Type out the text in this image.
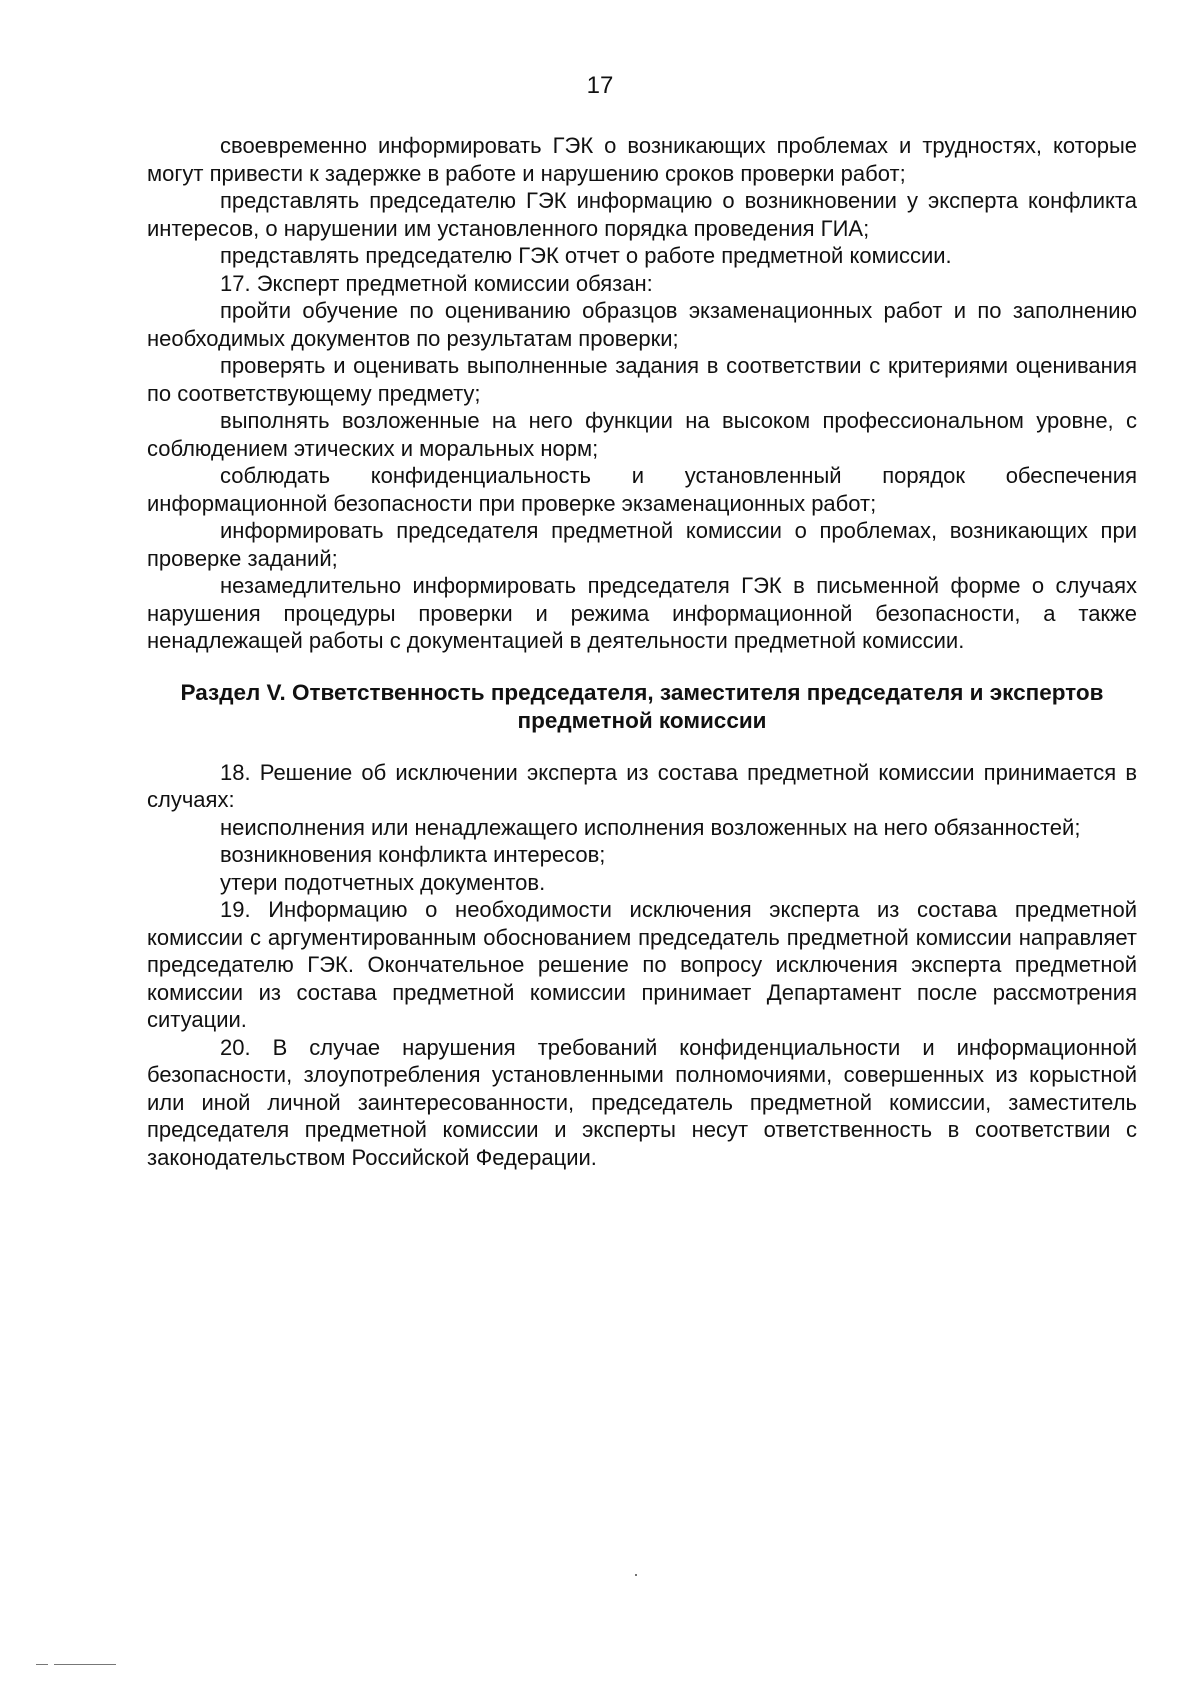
17

своевременно информировать ГЭК о возникающих проблемах и трудностях, которые могут привести к задержке в работе и нарушению сроков проверки работ;

представлять председателю ГЭК информацию о возникновении у эксперта конфликта интересов, о нарушении им установленного порядка проведения ГИА;

представлять председателю ГЭК отчет о работе предметной комиссии.

17. Эксперт предметной комиссии обязан:

пройти обучение по оцениванию образцов экзаменационных работ и по заполнению необходимых документов по результатам проверки;

проверять и оценивать выполненные задания в соответствии с критериями оценивания по соответствующему предмету;

выполнять возложенные на него функции на высоком профессиональном уровне, с соблюдением этических и моральных норм;

соблюдать конфиденциальность и установленный порядок обеспечения информационной безопасности при проверке экзаменационных работ;

информировать председателя предметной комиссии о проблемах, возникающих при проверке заданий;

незамедлительно информировать председателя ГЭК в письменной форме о случаях нарушения процедуры проверки и режима информационной безопасности, а также ненадлежащей работы с документацией в деятельности предметной комиссии.

Раздел V. Ответственность председателя, заместителя председателя и экспертов
предметной комиссии

18. Решение об исключении эксперта из состава предметной комиссии принимается в случаях:

неисполнения или ненадлежащего исполнения возложенных на него обязанностей;

возникновения конфликта интересов;

утери подотчетных документов.

19. Информацию о необходимости исключения эксперта из состава предметной комиссии с аргументированным обоснованием председатель предметной комиссии направляет председателю ГЭК. Окончательное решение по вопросу исключения эксперта предметной комиссии из состава предметной комиссии принимает Департамент после рассмотрения ситуации.

20. В случае нарушения требований конфиденциальности и информационной безопасности, злоупотребления установленными полномочиями, совершенных из корыстной или иной личной заинтересованности, председатель предметной комиссии, заместитель председателя предметной комиссии и эксперты несут ответственность в соответствии с законодательством Российской Федерации.
